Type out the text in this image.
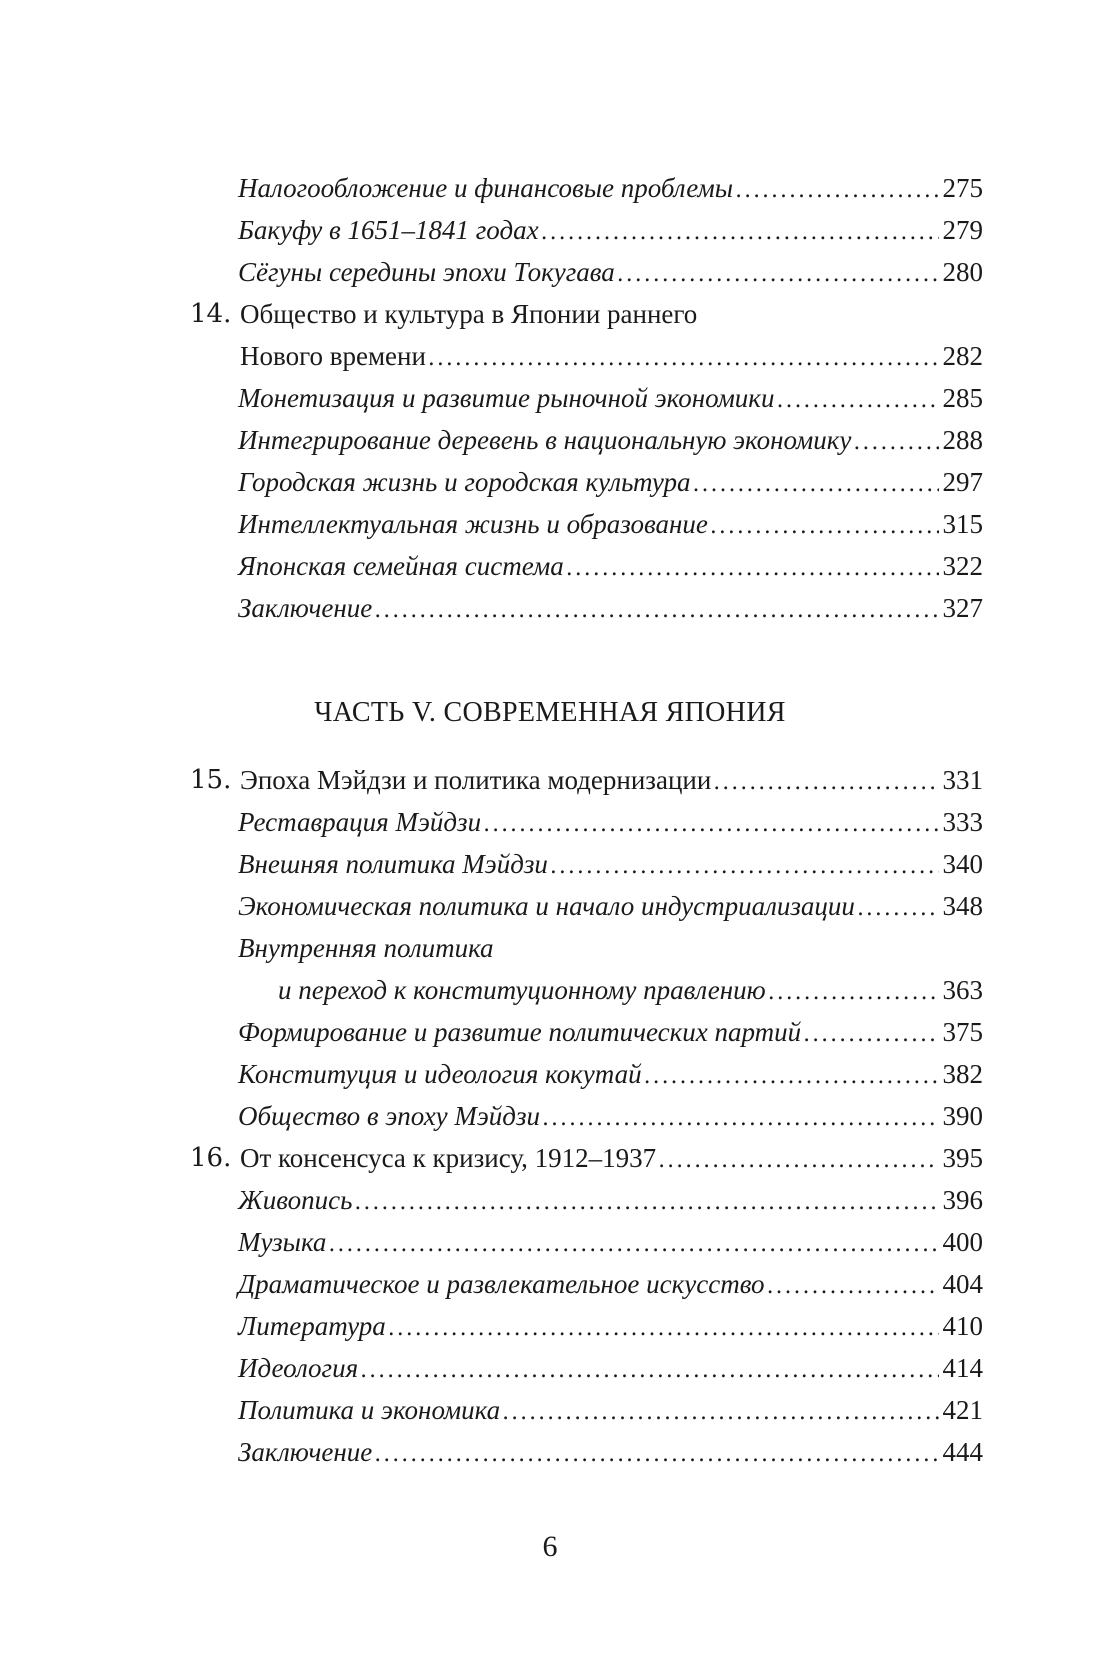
Налогообложение и финансовые проблемы .....	275
Бакуфу в 1651–1841 годах .....	279
Сёгуны середины эпохи Токугава .....	280
14. Общество и культура в Японии раннего
Нового времени .....	282
Монетизация и развитие рыночной экономики .....	285
Интегрирование деревень в национальную экономику .....	288
Городская жизнь и городская культура .....	297
Интеллектуальная жизнь и образование .....	315
Японская семейная система .....	322
Заключение .....	327
ЧАСТЬ V. СОВРЕМЕННАЯ ЯПОНИЯ
15. Эпоха Мэйдзи и политика модернизации .....	331
Реставрация Мэйдзи .....	333
Внешняя политика Мэйдзи .....	340
Экономическая политика и начало индустриализации .....	348
Внутренняя политика
и переход к конституционному правлению .....	363
Формирование и развитие политических партий .....	375
Конституция и идеология кокутай .....	382
Общество в эпоху Мэйдзи .....	390
16. От консенсуса к кризису, 1912–1937 .....	395
Живопись .....	396
Музыка .....	400
Драматическое и развлекательное искусство .....	404
Литература .....	410
Идеология .....	414
Политика и экономика .....	421
Заключение .....	444
6
